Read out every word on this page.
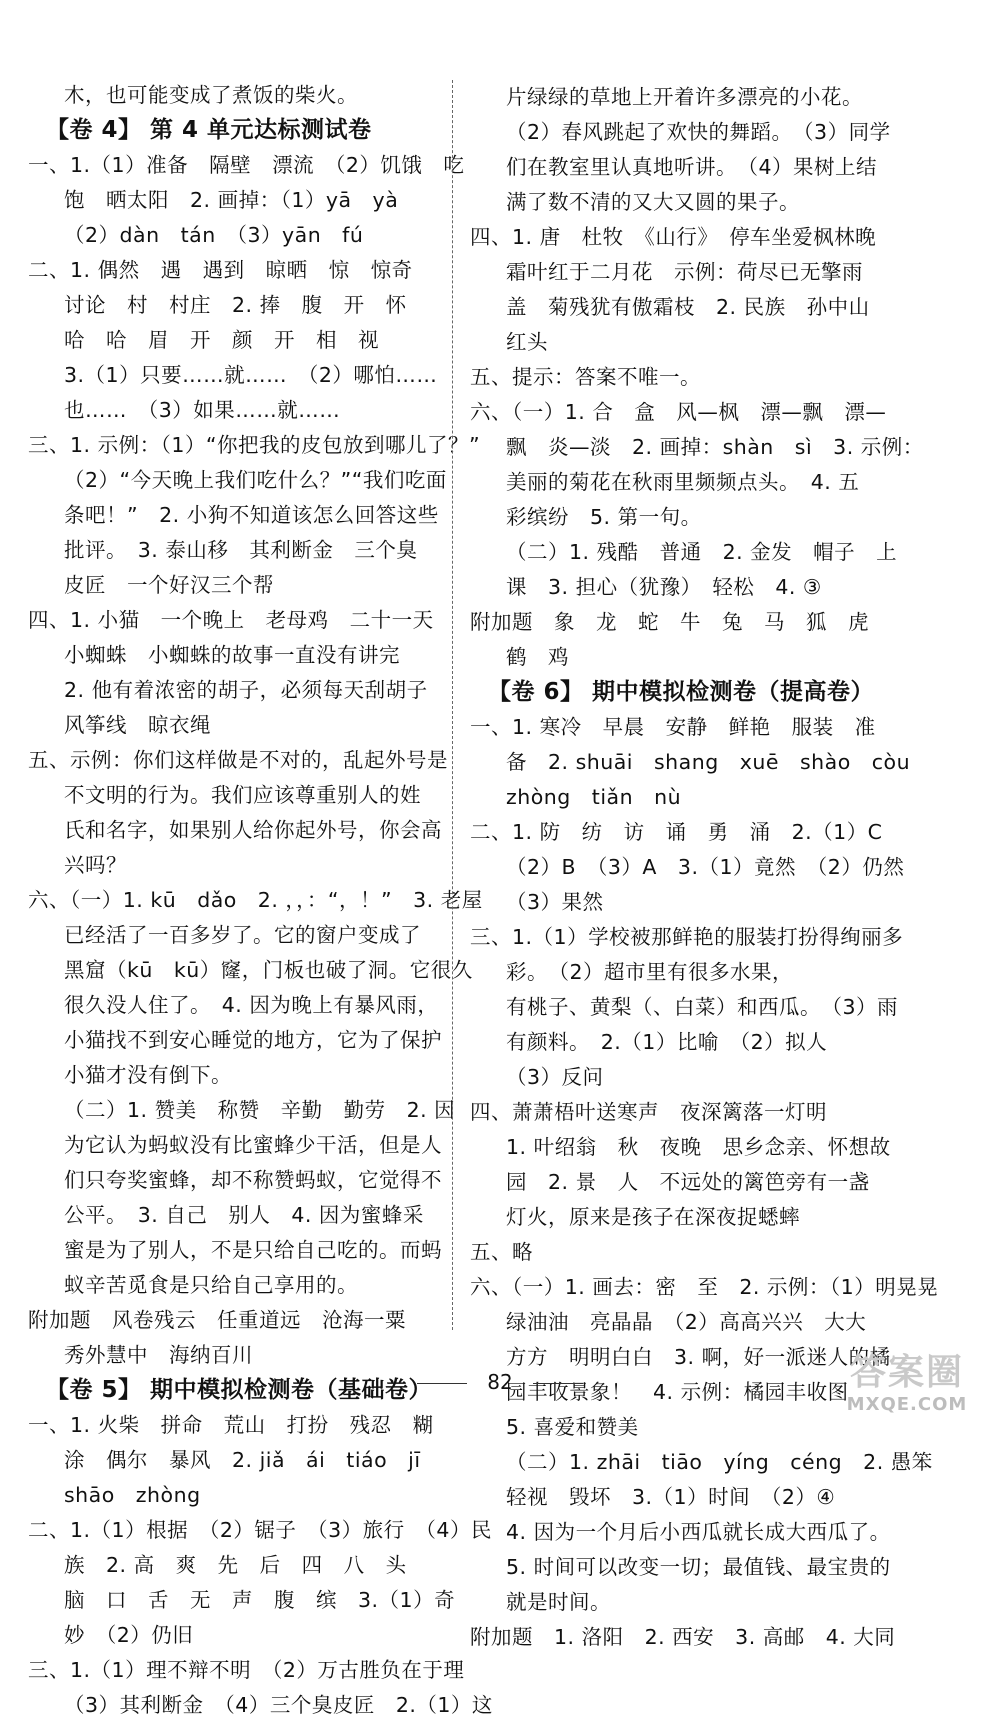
木，也可能变成了煮饭的柴火。
【卷 4】 第 4 单元达标测试卷
一、1.（1）准备　隔壁　漂流　（2）饥饿　吃
饱　晒太阳　2. 画掉：（1）yā　yà
（2）dàn　tán　（3）yān　fú
二、1. 偶然　遇　遇到　晾晒　惊　惊奇
讨论　村　村庄　2. 捧　腹　开　怀
哈　哈　眉　开　颜　开　相　视
3.（1）只要……就……　（2）哪怕……
也……　（3）如果……就……
三、1. 示例：（1）“你把我的皮包放到哪儿了？”
（2）“今天晚上我们吃什么？”“我们吃面
条吧！”　2. 小狗不知道该怎么回答这些
批评。　3. 泰山移　其利断金　三个臭
皮匠　一个好汉三个帮
四、1. 小猫　一个晚上　老母鸡　二十一天
小蜘蛛　小蜘蛛的故事一直没有讲完
2. 他有着浓密的胡子，必须每天刮胡子
风筝线　晾衣绳
五、示例：你们这样做是不对的，乱起外号是
不文明的行为。我们应该尊重别人的姓
氏和名字，如果别人给你起外号，你会高
兴吗？
六、（一）1. kū　dǎo　2. ，，：“，！”　3. 老屋
已经活了一百多岁了。它的窗户变成了
黑窟（kū　kū）窿，门板也破了洞。它很久
很久没人住了。　4. 因为晚上有暴风雨，
小猫找不到安心睡觉的地方，它为了保护
小猫才没有倒下。
（二）1. 赞美　称赞　辛勤　勤劳　2. 因
为它认为蚂蚁没有比蜜蜂少干活，但是人
们只夸奖蜜蜂，却不称赞蚂蚁，它觉得不
公平。　3. 自己　别人　4. 因为蜜蜂采
蜜是为了别人，不是只给自己吃的。而蚂
蚁辛苦觅食是只给自己享用的。
附加题　风卷残云　任重道远　沧海一粟
秀外慧中　海纳百川
【卷 5】 期中模拟检测卷（基础卷）
一、1. 火柴　拼命　荒山　打扮　残忍　糊
涂　偶尔　暴风　2. jiǎ　ái　tiáo　jī
shāo　zhòng
二、1.（1）根据　（2）锯子　（3）旅行　（4）民
族　2. 高　爽　先　后　四　八　头
脑　口　舌　无　声　腹　缤　3.（1）奇
妙　（2）仍旧
三、1.（1）理不辩不明　（2）万古胜负在于理
（3）其利断金　（4）三个臭皮匠　2.（1）这
片绿绿的草地上开着许多漂亮的小花。
（2）春风跳起了欢快的舞蹈。　（3）同学
们在教室里认真地听讲。　（4）果树上结
满了数不清的又大又圆的果子。
四、1. 唐　杜牧　《山行》　停车坐爱枫林晚
霜叶红于二月花　示例：荷尽已无擎雨
盖　菊残犹有傲霜枝　2. 民族　孙中山
红头
五、提示：答案不唯一。
六、（一）1. 合　盒　风—枫　漂—飘　漂—
飘　炎—淡　2. 画掉：shàn　sì　3. 示例：
美丽的菊花在秋雨里频频点头。　4. 五
彩缤纷　5. 第一句。
（二）1. 残酷　普通　2. 金发　帽子　上
课　3. 担心（犹豫）　轻松　4. ③
附加题　象　龙　蛇　牛　兔　马　狐　虎
鹤　鸡
【卷 6】 期中模拟检测卷（提高卷）
一、1. 寒冷　早晨　安静　鲜艳　服装　准
备　2. shuāi　shang　xuē　shào　còu
zhòng　tiǎn　nù
二、1. 防　纺　访　诵　勇　涌　2.（1）C
（2）B　（3）A　3.（1）竟然　（2）仍然
（3）果然
三、1.（1）学校被那鲜艳的服装打扮得绚丽多
彩。　（2）超市里有很多水果，
有桃子、黄梨（、白菜）和西瓜。　（3）雨
有颜料。　2.（1）比喻　（2）拟人
（3）反问
四、萧萧梧叶送寒声　夜深篱落一灯明
1. 叶绍翁　秋　夜晚　思乡念亲、怀想故
园　2. 景　人　不远处的篱笆旁有一盏
灯火，原来是孩子在深夜捉蟋蟀
五、略
六、（一）1. 画去：密　至　2. 示例：（1）明晃晃
绿油油　亮晶晶　（2）高高兴兴　大大
方方　明明白白　3. 啊，好一派迷人的橘
园丰收景象！　4. 示例：橘园丰收图
5. 喜爱和赞美
（二）1. zhāi　tiāo　yíng　céng　2. 愚笨
轻视　毁坏　3.（1）时间　（2）④
4. 因为一个月后小西瓜就长成大西瓜了。
5. 时间可以改变一切；最值钱、最宝贵的
就是时间。
附加题　1. 洛阳　2. 西安　3. 高邮　4. 大同
82	答案圈
MXQE.COM
